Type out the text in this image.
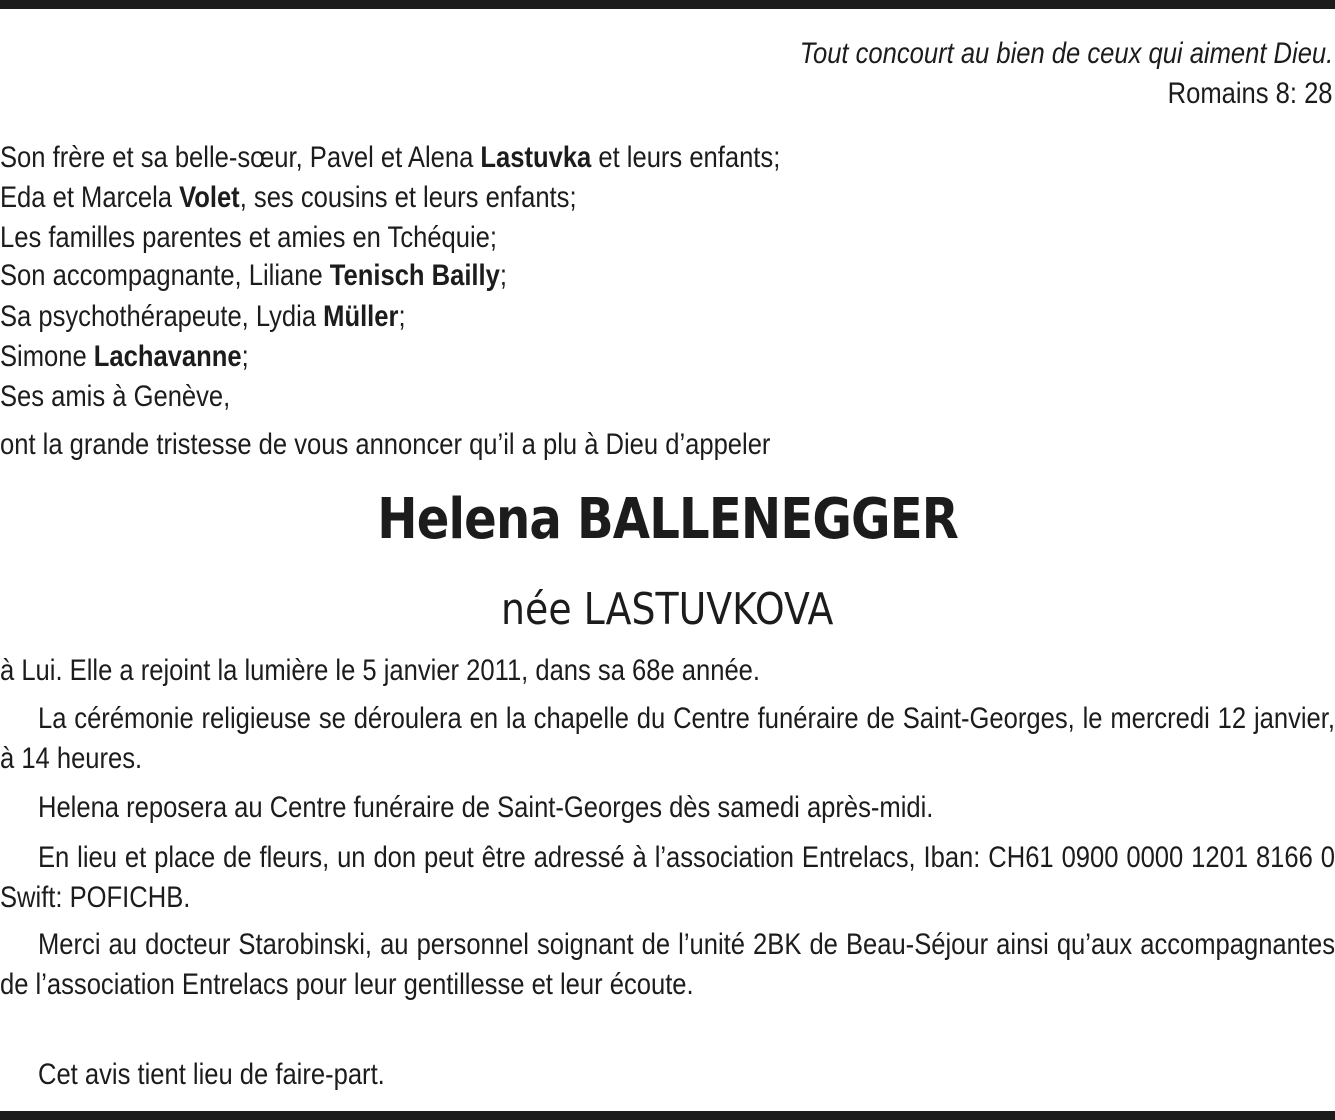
Tout concourt au bien de ceux qui aiment Dieu.
Romains 8: 28
Son frère et sa belle-sœur, Pavel et Alena Lastuvka et leurs enfants;
Eda et Marcela Volet, ses cousins et leurs enfants;
Les familles parentes et amies en Tchéquie;
Son accompagnante, Liliane Tenisch Bailly;
Sa psychothérapeute, Lydia Müller;
Simone Lachavanne;
Ses amis à Genève,
ont la grande tristesse de vous annoncer qu’il a plu à Dieu d’appeler
Helena BALLENEGGER
née LASTUVKOVA
à Lui. Elle a rejoint la lumière le 5 janvier 2011, dans sa 68e année.

La cérémonie religieuse se déroulera en la chapelle du Centre funéraire de Saint-Georges, le mercredi 12 janvier, à 14 heures.

Helena reposera au Centre funéraire de Saint-Georges dès samedi après-midi.

En lieu et place de fleurs, un don peut être adressé à l’association Entrelacs, Iban: CH61 0900 0000 1201 8166 0 Swift: POFICHB.

Merci au docteur Starobinski, au personnel soignant de l’unité 2BK de Beau-Séjour ainsi qu’aux accompagnantes de l’association Entrelacs pour leur gentillesse et leur écoute.

Cet avis tient lieu de faire-part.
